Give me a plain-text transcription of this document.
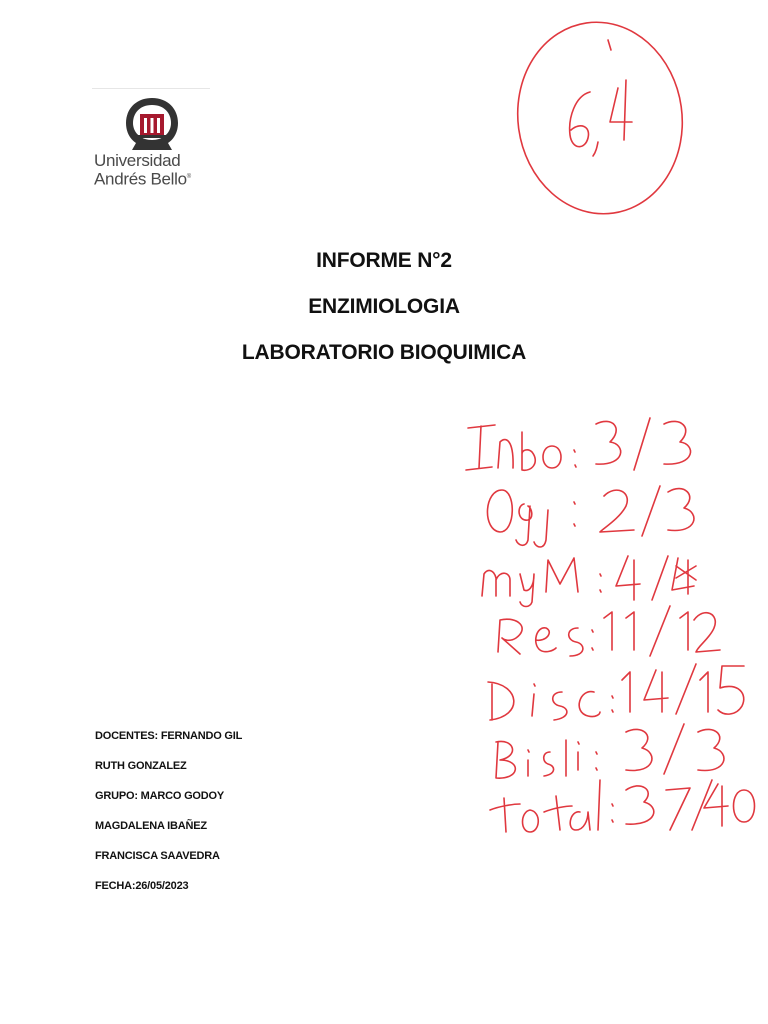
Universidad
Andrés Bello®

INFORME N°2

ENZIMIOLOGIA

LABORATORIO BIOQUIMICA

DOCENTES: FERNANDO GIL
RUTH GONZALEZ
GRUPO: MARCO GODOY
MAGDALENA IBAÑEZ
FRANCISCA SAAVEDRA
FECHA:26/05/2023
